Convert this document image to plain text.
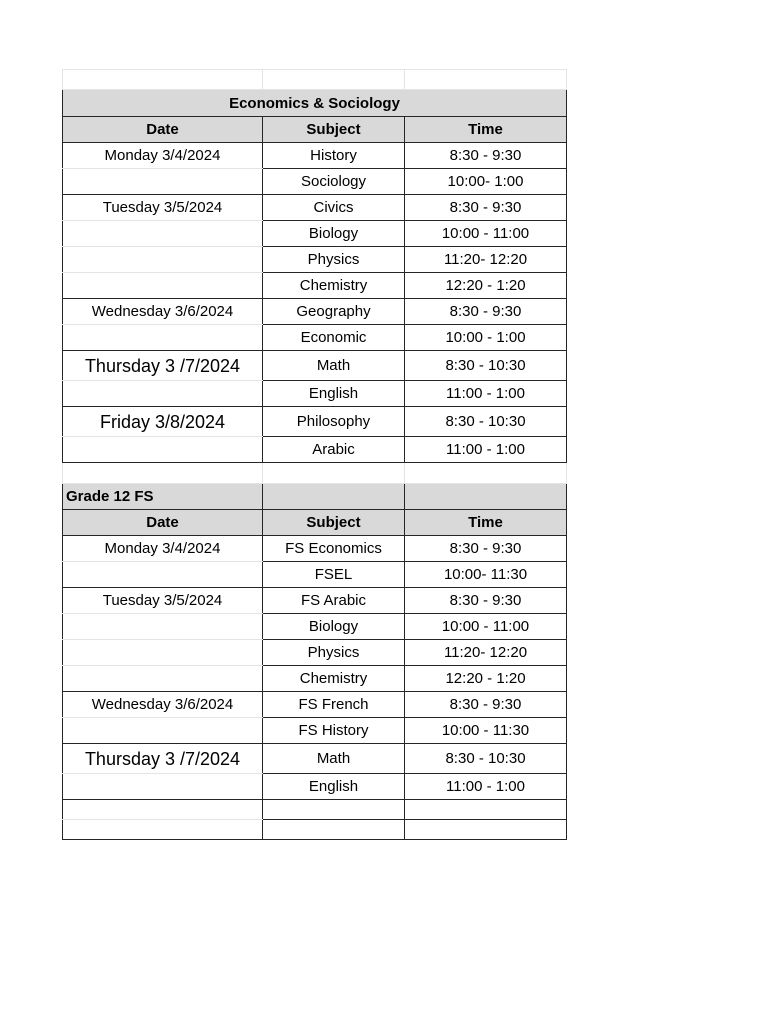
Economics & Sociology		
Date	Subject	Time
Monday 3/4/2024	History	8:30 - 9:30
	Sociology	10:00- 1:00
Tuesday 3/5/2024	Civics	8:30 - 9:30
	Biology	10:00 - 11:00
	Physics	11:20- 12:20
	Chemistry	12:20 - 1:20
Wednesday 3/6/2024	Geography	8:30 - 9:30
	Economic	10:00 - 1:00
Thursday 3 /7/2024	Math	8:30 - 10:30
	English	11:00 - 1:00
Friday 3/8/2024	Philosophy	8:30 - 10:30
	Arabic	11:00 - 1:00

Grade 12 FS		
Date	Subject	Time
Monday 3/4/2024	FS Economics	8:30 - 9:30
	FSEL	10:00- 11:30
Tuesday 3/5/2024	FS Arabic	8:30 - 9:30
	Biology	10:00 - 11:00
	Physics	11:20- 12:20
	Chemistry	12:20 - 1:20
Wednesday 3/6/2024	FS French	8:30 - 9:30
	FS History	10:00 - 11:30
Thursday 3 /7/2024	Math	8:30 - 10:30
	English	11:00 - 1:00
